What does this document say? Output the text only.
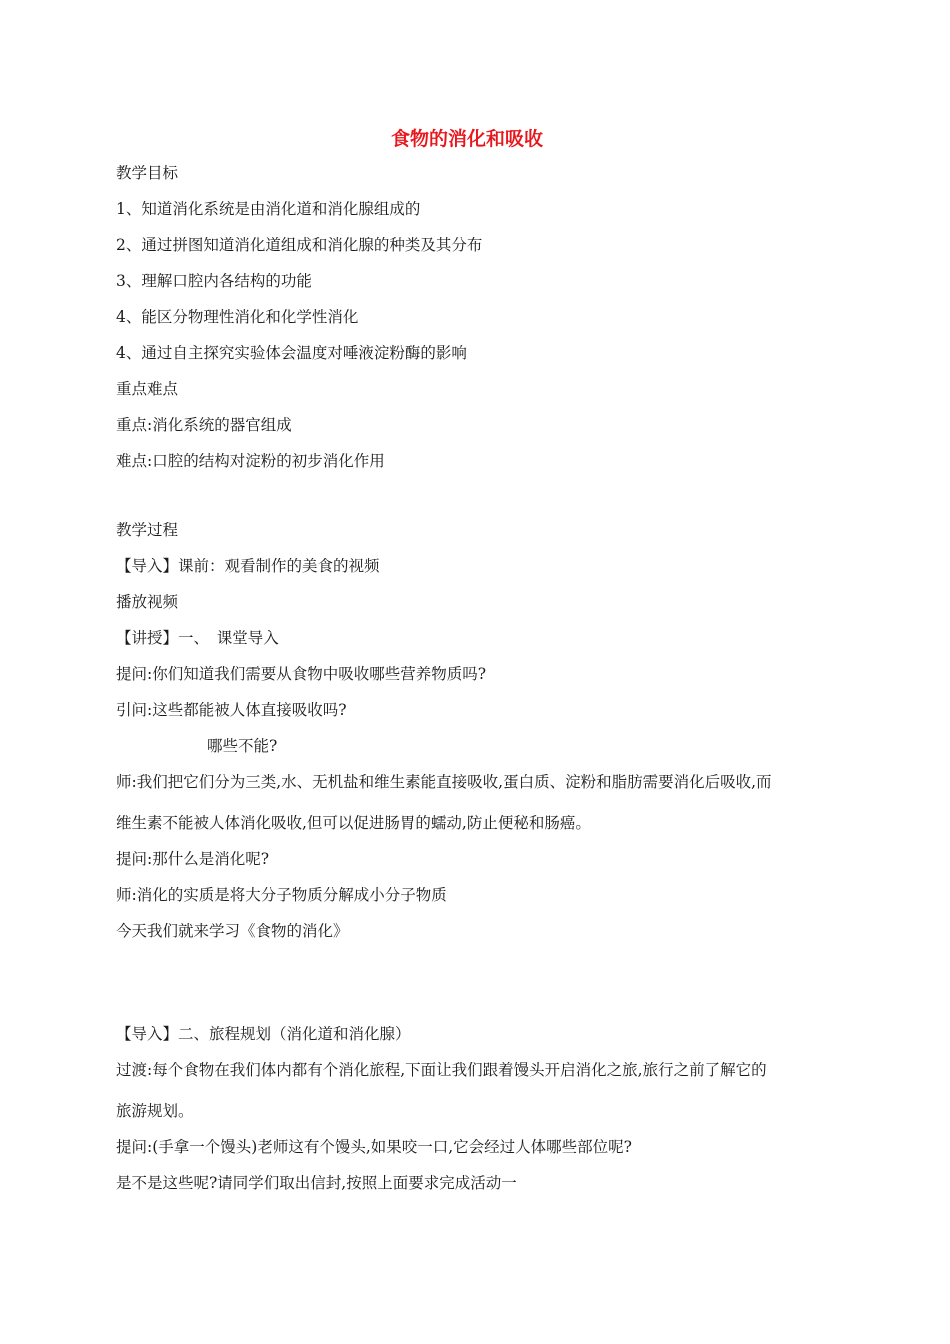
食物的消化和吸收

教学目标

1、知道消化系统是由消化道和消化腺组成的

2、通过拼图知道消化道组成和消化腺的种类及其分布

3、理解口腔内各结构的功能

4、能区分物理性消化和化学性消化

4、通过自主探究实验体会温度对唾液淀粉酶的影响

重点难点

重点:消化系统的器官组成

难点:口腔的结构对淀粉的初步消化作用

教学过程

【导入】课前：观看制作的美食的视频

播放视频

【讲授】一、　课堂导入

提问:你们知道我们需要从食物中吸收哪些营养物质吗?

引问:这些都能被人体直接吸收吗?

哪些不能?

师:我们把它们分为三类,水、无机盐和维生素能直接吸收,蛋白质、淀粉和脂肪需要消化后吸收,而

维生素不能被人体消化吸收,但可以促进肠胃的蠕动,防止便秘和肠癌。

提问:那什么是消化呢?

师:消化的实质是将大分子物质分解成小分子物质

今天我们就来学习《食物的消化》

【导入】二、旅程规划（消化道和消化腺）

过渡:每个食物在我们体内都有个消化旅程,下面让我们跟着馒头开启消化之旅,旅行之前了解它的

旅游规划。

提问:(手拿一个馒头)老师这有个馒头,如果咬一口,它会经过人体哪些部位呢?

是不是这些呢?请同学们取出信封,按照上面要求完成活动一
